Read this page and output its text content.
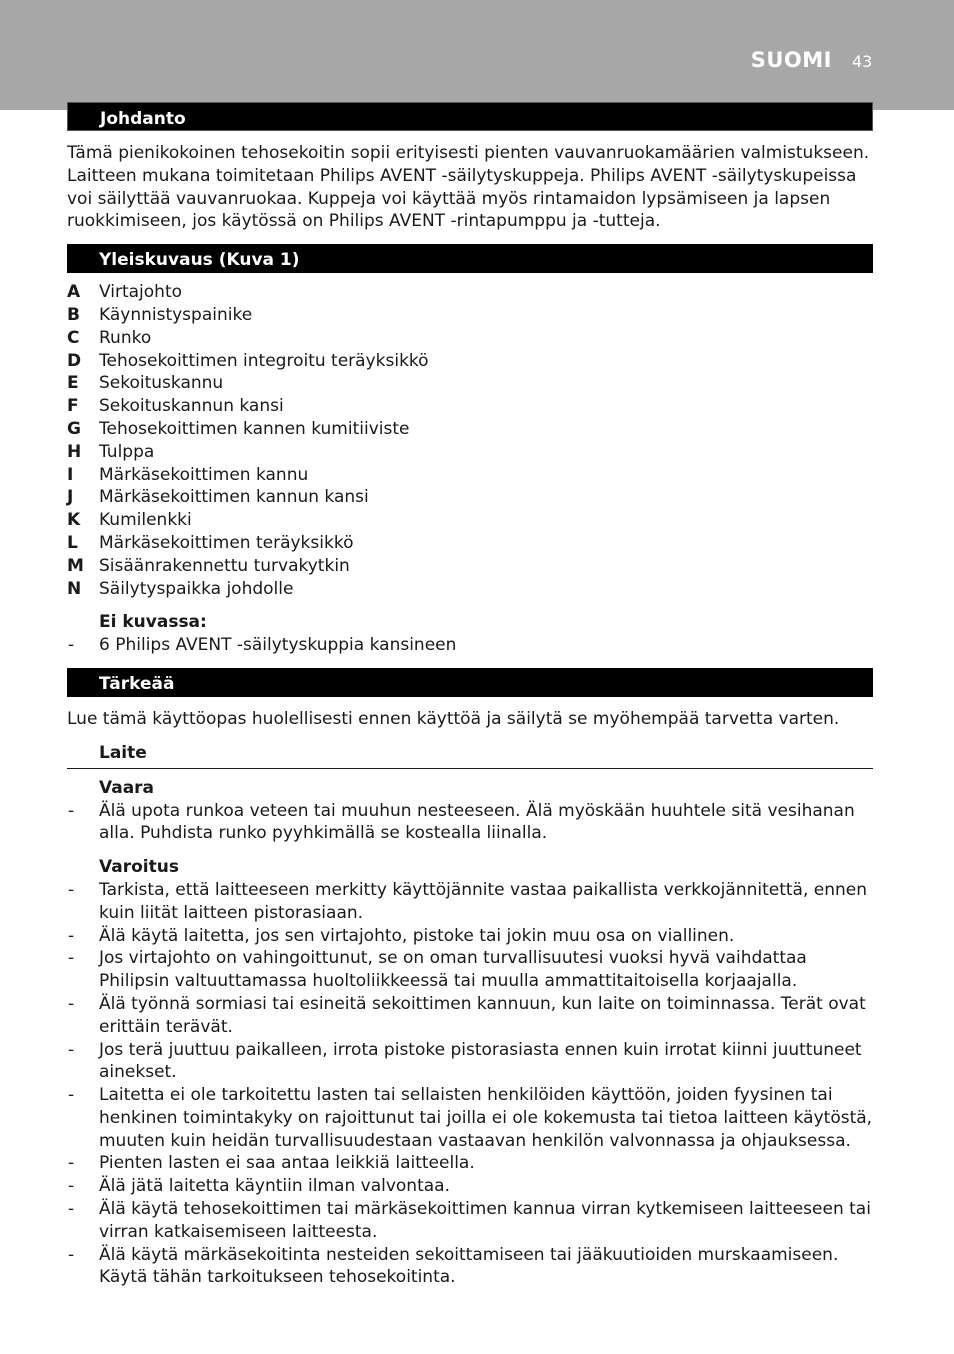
SUOMI 43
Johdanto

Tämä pienikokoinen tehosekoitin sopii erityisesti pienten vauvanruokamäärien valmistukseen. Laitteen mukana toimitetaan Philips AVENT -säilytyskuppeja. Philips AVENT -säilytyskupeissa voi säilyttää vauvanruokaa. Kuppeja voi käyttää myös rintamaidon lypsämiseen ja lapsen ruokkimiseen, jos käytössä on Philips AVENT -rintapumppu ja -tutteja.

Yleiskuvaus (Kuva 1)
A	Virtajohto
B	Käynnistyspainike
C	Runko
D	Tehosekoittimen integroitu teräyksikkö
E	Sekoituskannu
F	Sekoituskannun kansi
G	Tehosekoittimen kannen kumitiiviste
H	Tulppa
I	Märkäsekoittimen kannu
J	Märkäsekoittimen kannun kansi
K	Kumilenkki
L	Märkäsekoittimen teräyksikkö
M Sisäänrakennettu turvakytkin
N	Säilytyspaikka johdolle
Ei kuvassa:
-	6 Philips AVENT -säilytyskuppia kansineen
Tärkeää

Lue tämä käyttöopas huolellisesti ennen käyttöä ja säilytä se myöhempää tarvetta varten.

Laite
Vaara
-	Älä upota runkoa veteen tai muuhun nesteeseen. Älä myöskään huuhtele sitä vesihanan alla. Puhdista runko pyyhkimällä se kostealla liinalla.
Varoitus
-	Tarkista, että laitteeseen merkitty käyttöjännite vastaa paikallista verkkojännitettä, ennen kuin liität laitteen pistorasiaan.
-	Älä käytä laitetta, jos sen virtajohto, pistoke tai jokin muu osa on viallinen.
-	Jos virtajohto on vahingoittunut, se on oman turvallisuutesi vuoksi hyvä vaihdattaa Philipsin valtuuttamassa huoltoliikkeessä tai muulla ammattitaitoisella korjaajalla.
-	Älä työnnä sormiasi tai esineitä sekoittimen kannuun, kun laite on toiminnassa. Terät ovat erittäin terävät.
-	Jos terä juuttuu paikalleen, irrota pistoke pistorasiasta ennen kuin irrotat kiinni juuttuneet ainekset.
-	Laitetta ei ole tarkoitettu lasten tai sellaisten henkilöiden käyttöön, joiden fyysinen tai henkinen toimintakyky on rajoittunut tai joilla ei ole kokemusta tai tietoa laitteen käytöstä, muuten kuin heidän turvallisuudestaan vastaavan henkilön valvonnassa ja ohjauksessa.
-	Pienten lasten ei saa antaa leikkiä laitteella.
-	Älä jätä laitetta käyntiin ilman valvontaa.
-	Älä käytä tehosekoittimen tai märkäsekoittimen kannua virran kytkemiseen laitteeseen tai virran katkaisemiseen laitteesta.
-	Älä käytä märkäsekoitinta nesteiden sekoittamiseen tai jääkuutioiden murskaamiseen. Käytä tähän tarkoitukseen tehosekoitinta.
